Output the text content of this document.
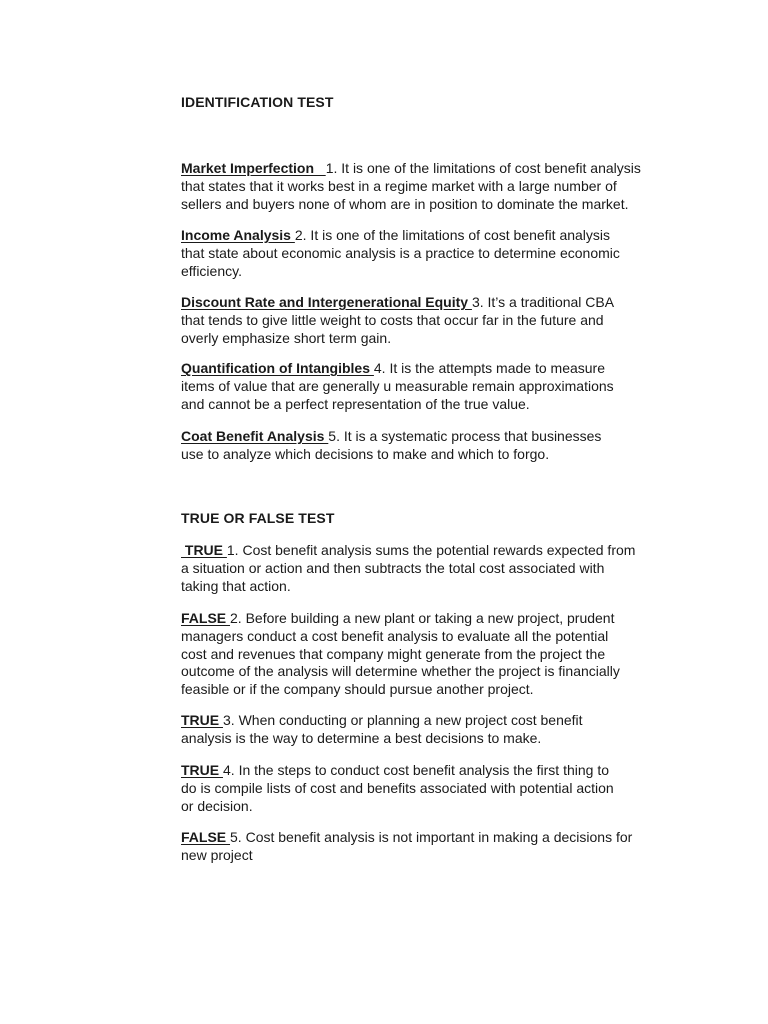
IDENTIFICATION TEST
Market Imperfection   1. It is one of the limitations of cost benefit analysis
that states that it works best in a regime market with a large number of
sellers and buyers none of whom are in position to dominate the market.
Income Analysis 2. It is one of the limitations of cost benefit analysis
that state about economic analysis is a practice to determine economic
efficiency.
Discount Rate and Intergenerational Equity 3. It’s a traditional CBA
that tends to give little weight to costs that occur far in the future and
overly emphasize short term gain.
Quantification of Intangibles 4. It is the attempts made to measure
items of value that are generally u measurable remain approximations
and cannot be a perfect representation of the true value.
Coat Benefit Analysis 5. It is a systematic process that businesses
use to analyze which decisions to make and which to forgo.
TRUE OR FALSE TEST
TRUE 1. Cost benefit analysis sums the potential rewards expected from
a situation or action and then subtracts the total cost associated with
taking that action.
FALSE 2. Before building a new plant or taking a new project, prudent
managers conduct a cost benefit analysis to evaluate all the potential
cost and revenues that company might generate from the project the
outcome of the analysis will determine whether the project is financially
feasible or if the company should pursue another project.
TRUE 3. When conducting or planning a new project cost benefit
analysis is the way to determine a best decisions to make.
TRUE 4. In the steps to conduct cost benefit analysis the first thing to
do is compile lists of cost and benefits associated with potential action
or decision.
FALSE 5. Cost benefit analysis is not important in making a decisions for
new project
